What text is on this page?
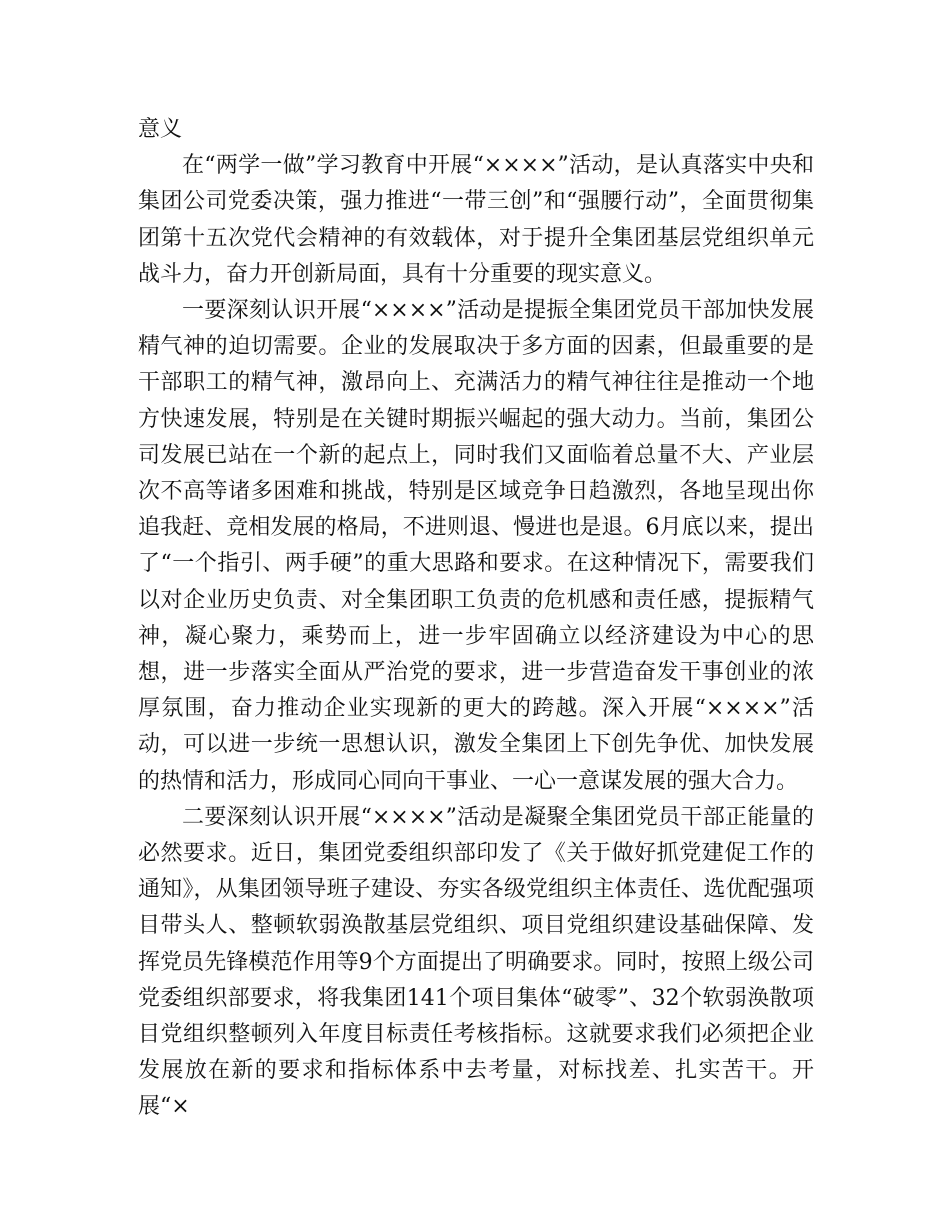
意义

在“两学一做”学习教育中开展“××××”活动，是认真落实中央和集团公司党委决策，强力推进“一带三创”和“强腰行动”，全面贯彻集团第十五次党代会精神的有效载体，对于提升全集团基层党组织单元战斗力，奋力开创新局面，具有十分重要的现实意义。

一要深刻认识开展“××××”活动是提振全集团党员干部加快发展精气神的迫切需要。企业的发展取决于多方面的因素，但最重要的是干部职工的精气神，激昂向上、充满活力的精气神往往是推动一个地方快速发展，特别是在关键时期振兴崛起的强大动力。当前，集团公司发展已站在一个新的起点上，同时我们又面临着总量不大、产业层次不高等诸多困难和挑战，特别是区域竞争日趋激烈，各地呈现出你追我赶、竞相发展的格局，不进则退、慢进也是退。6月底以来，提出了“一个指引、两手硬”的重大思路和要求。在这种情况下，需要我们以对企业历史负责、对全集团职工负责的危机感和责任感，提振精气神，凝心聚力，乘势而上，进一步牢固确立以经济建设为中心的思想，进一步落实全面从严治党的要求，进一步营造奋发干事创业的浓厚氛围，奋力推动企业实现新的更大的跨越。深入开展“××××”活动，可以进一步统一思想认识，激发全集团上下创先争优、加快发展的热情和活力，形成同心同向干事业、一心一意谋发展的强大合力。

二要深刻认识开展“××××”活动是凝聚全集团党员干部正能量的必然要求。近日，集团党委组织部印发了《关于做好抓党建促工作的通知》，从集团领导班子建设、夯实各级党组织主体责任、选优配强项目带头人、整顿软弱涣散基层党组织、项目党组织建设基础保障、发挥党员先锋模范作用等9个方面提出了明确要求。同时，按照上级公司党委组织部要求，将我集团141个项目集体“破零”、32个软弱涣散项目党组织整顿列入年度目标责任考核指标。这就要求我们必须把企业发展放在新的要求和指标体系中去考量，对标找差、扎实苦干。开展“×
